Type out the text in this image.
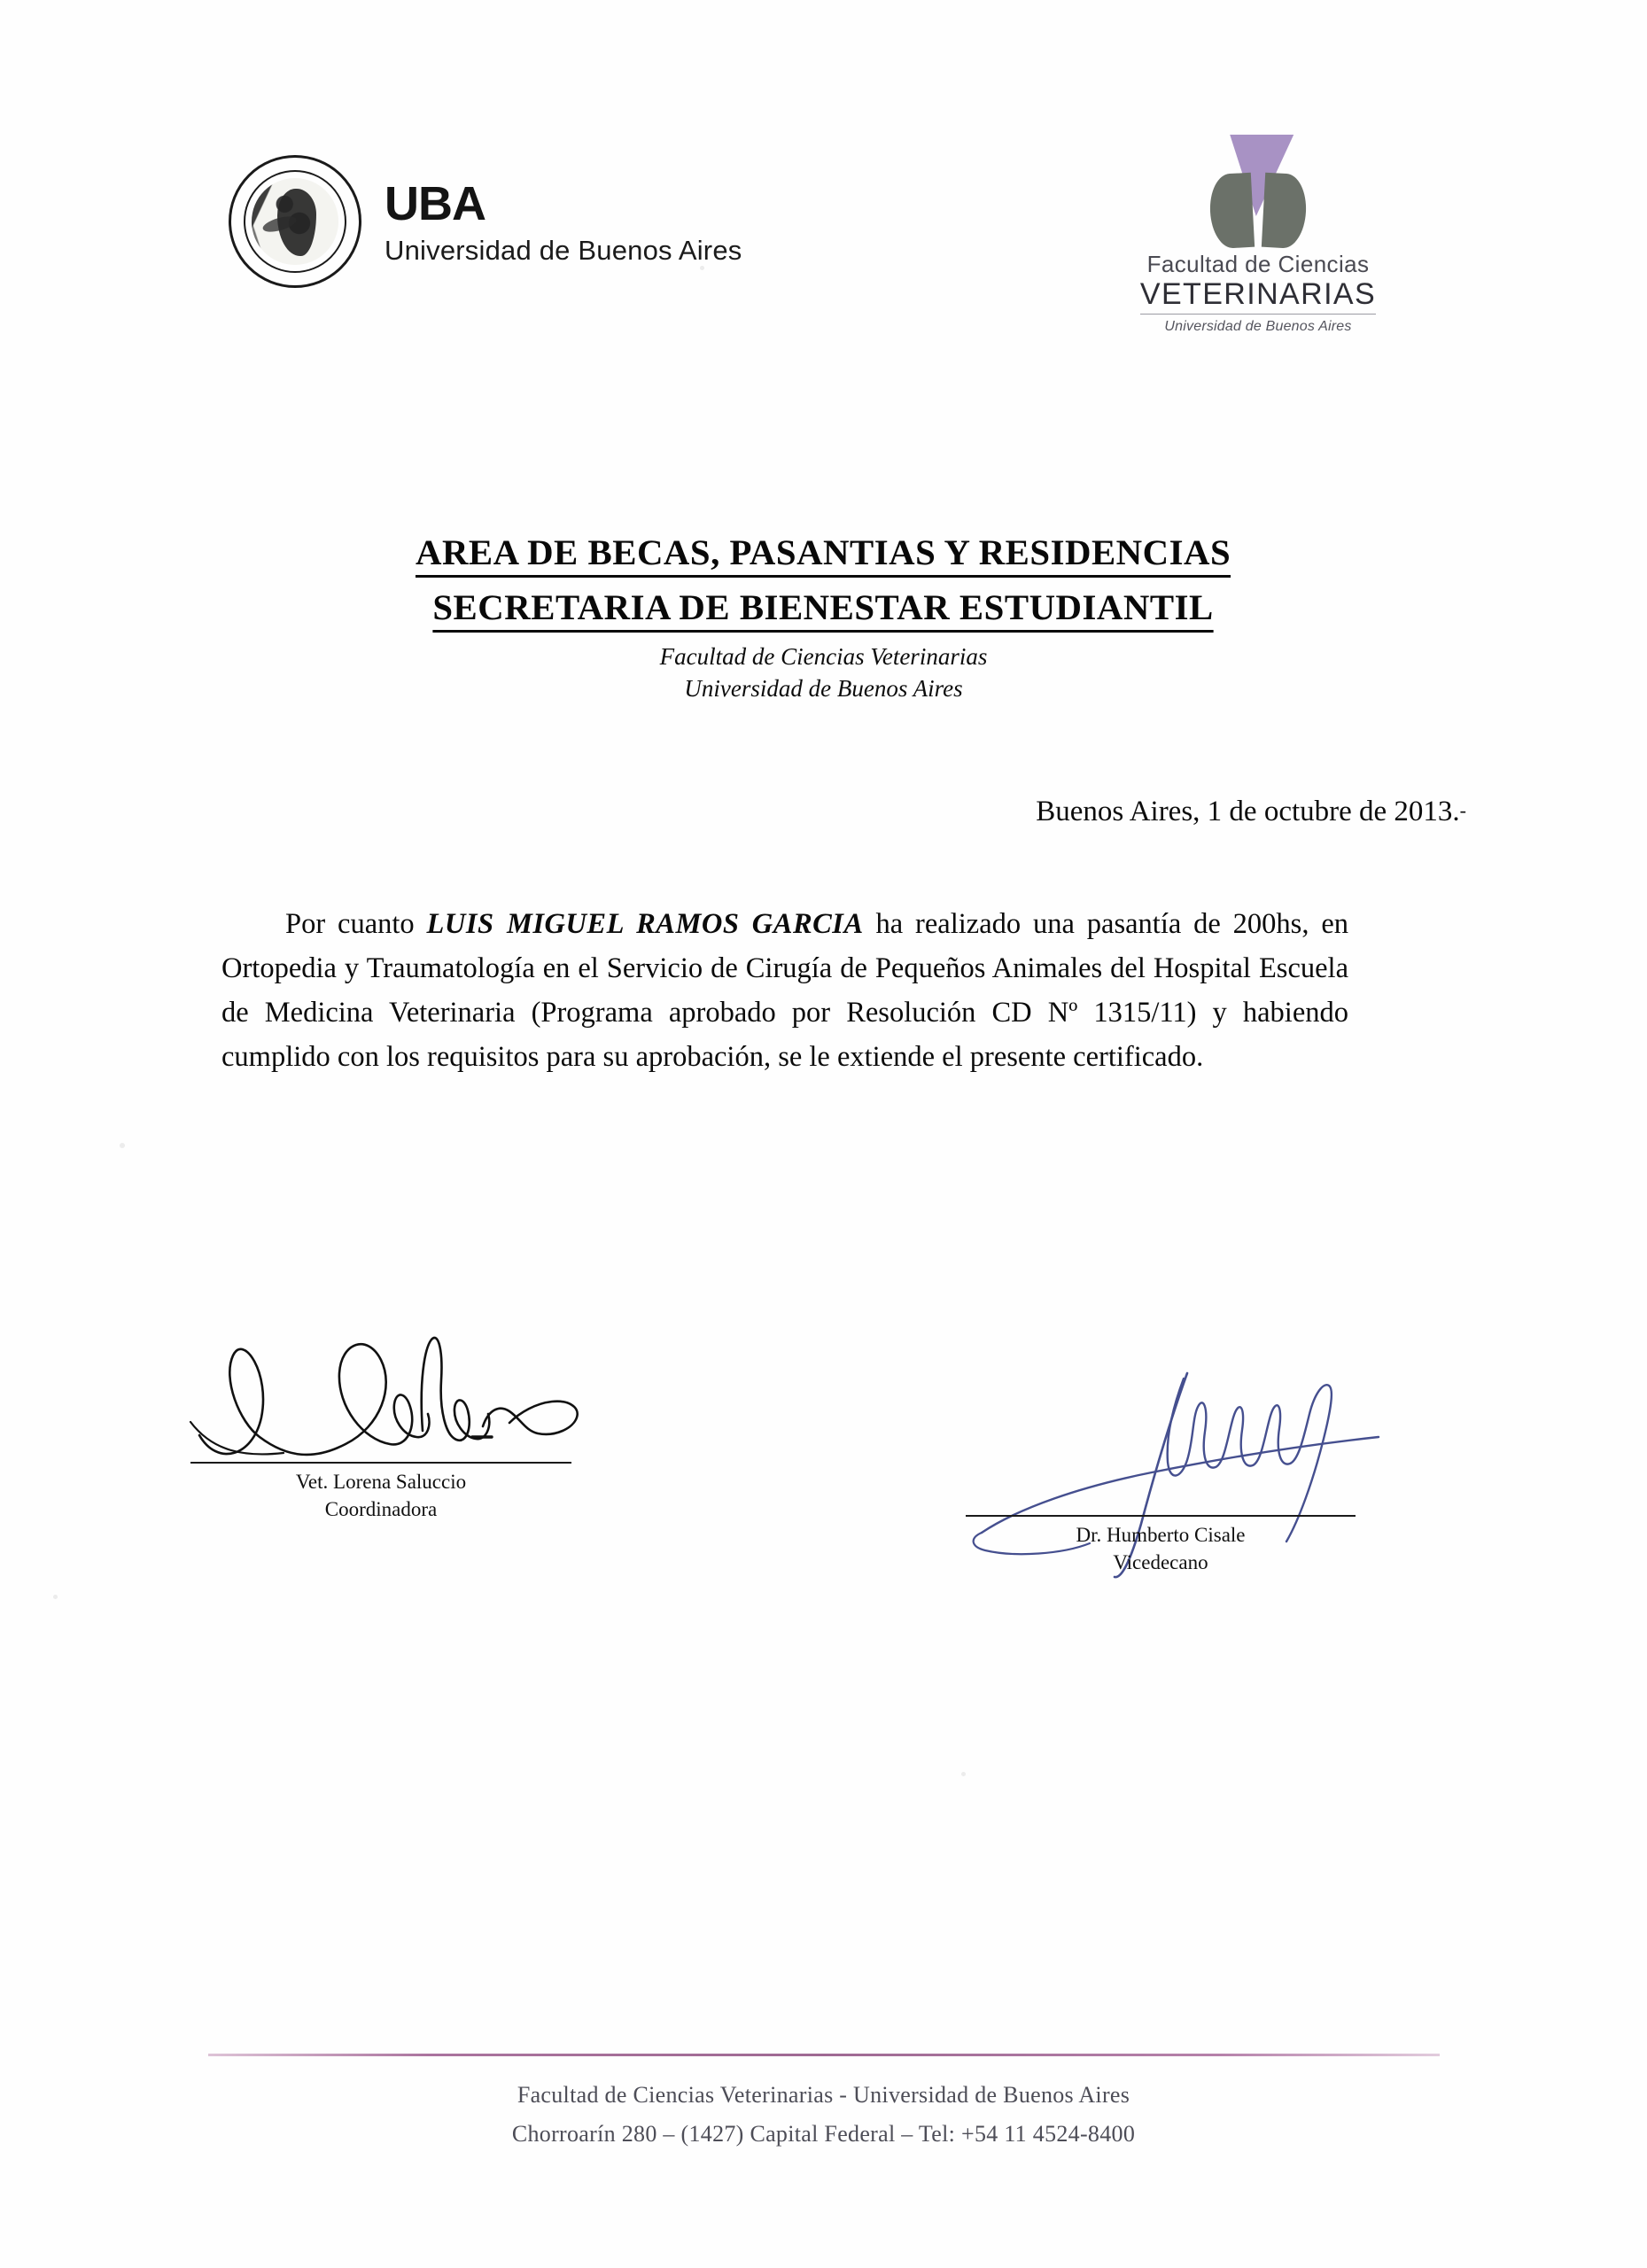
UBA
Universidad de Buenos Aires	Facultad de Ciencias
VETERINARIAS
Universidad de Buenos Aires
AREA DE BECAS, PASANTIAS Y RESIDENCIAS
SECRETARIA DE BIENESTAR ESTUDIANTIL
Facultad de Ciencias Veterinarias
Universidad de Buenos Aires
Buenos Aires, 1 de octubre de 2013.-
Por cuanto LUIS MIGUEL RAMOS GARCIA ha realizado una pasantía de 200hs, en Ortopedia y Traumatología en el Servicio de Cirugía de Pequeños Animales del Hospital Escuela de Medicina Veterinaria (Programa aprobado por Resolución CD Nº 1315/11) y habiendo cumplido con los requisitos para su aprobación, se le extiende el presente certificado.
Vet. Lorena Saluccio
Coordinadora
Dr. Humberto Cisale
Vicedecano
Facultad de Ciencias Veterinarias - Universidad de Buenos Aires
Chorroarín 280 – (1427) Capital Federal – Tel: +54 11 4524-8400
